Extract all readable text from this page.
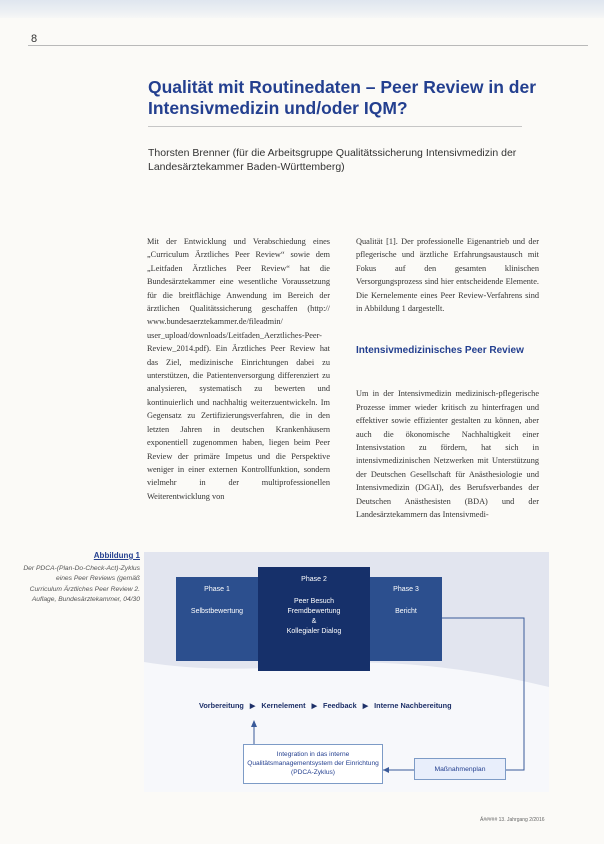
8
Qualität mit Routinedaten – Peer Review in der Intensivmedizin und/oder IQM?
Thorsten Brenner (für die Arbeitsgruppe Qualitätssicherung Intensivmedizin der Landesärztekammer Baden-Württemberg)

Mit der Entwicklung und Verabschiedung eines „Curriculum Ärztliches Peer Review“ sowie dem „Leitfaden Ärztliches Peer Review“ hat die Bundesärztekammer eine wesentliche Voraussetzung für die breitflächige Anwendung im Bereich der ärztlichen Qualitätssicherung geschaffen (http:// www.bundesaerztekammer.de/fileadmin/ user_upload/downloads/Leitfaden_Aerztliches-Peer-Review_2014.pdf). Ein Ärztliches Peer Review hat das Ziel, medizinische Einrichtungen dabei zu unterstützen, die Patientenversorgung differenziert zu analysieren, systematisch zu bewerten und kontinuierlich und nachhaltig weiterzuentwickeln. Im Gegensatz zu Zertifizierungsverfahren, die in den letzten Jahren in deutschen Krankenhäusern exponentiell zugenommen haben, liegen beim Peer Review der primäre Impetus und die Perspektive weniger in einer externen Kontrollfunktion, sondern vielmehr in der multiprofessionellen Weiterentwicklung von

Qualität [1]. Der professionelle Eigenantrieb und der pflegerische und ärztliche Erfahrungsaustausch mit Fokus auf den gesamten klinischen Versorgungsprozess sind hier entscheidende Elemente. Die Kernelemente eines Peer Review-Verfahrens sind in Abbildung 1 dargestellt.

Intensivmedizinisches Peer Review

Um in der Intensivmedizin medizinisch-pflegerische Prozesse immer wieder kritisch zu hinterfragen und effektiver sowie effizienter gestalten zu können, aber auch die ökonomische Nachhaltigkeit einer Intensivstation zu fördern, hat sich in intensivmedizinischen Netzwerken mit Unterstützung der Deutschen Gesellschaft für Anästhesiologie und Intensivmedizin (DGAI), des Berufsverbandes der Deutschen Anästhesisten (BDA) und der Landesärztekammern das Intensivmedi-

Abbildung 1
Der PDCA-(Plan-Do-Check-Act)-Zyklus eines Peer Reviews (gemäß Curriculum Ärztliches Peer Review 2. Auflage, Bundesärztekammer, 04/30
Phase 1
Selbstbewertung
Phase 2
Peer Besuch
Fremdbewertung
&
Kollegialer Dialog
Phase 3
Bericht
Vorbereitung ▶ Kernelement ▶ Feedback ▶ Interne Nachbereitung
Integration in das interne Qualitätsmanagementsystem der Einrichtung (PDCA-Zyklus)	Maßnahmenplan
Ä##### 13. Jahrgang 2/2016
